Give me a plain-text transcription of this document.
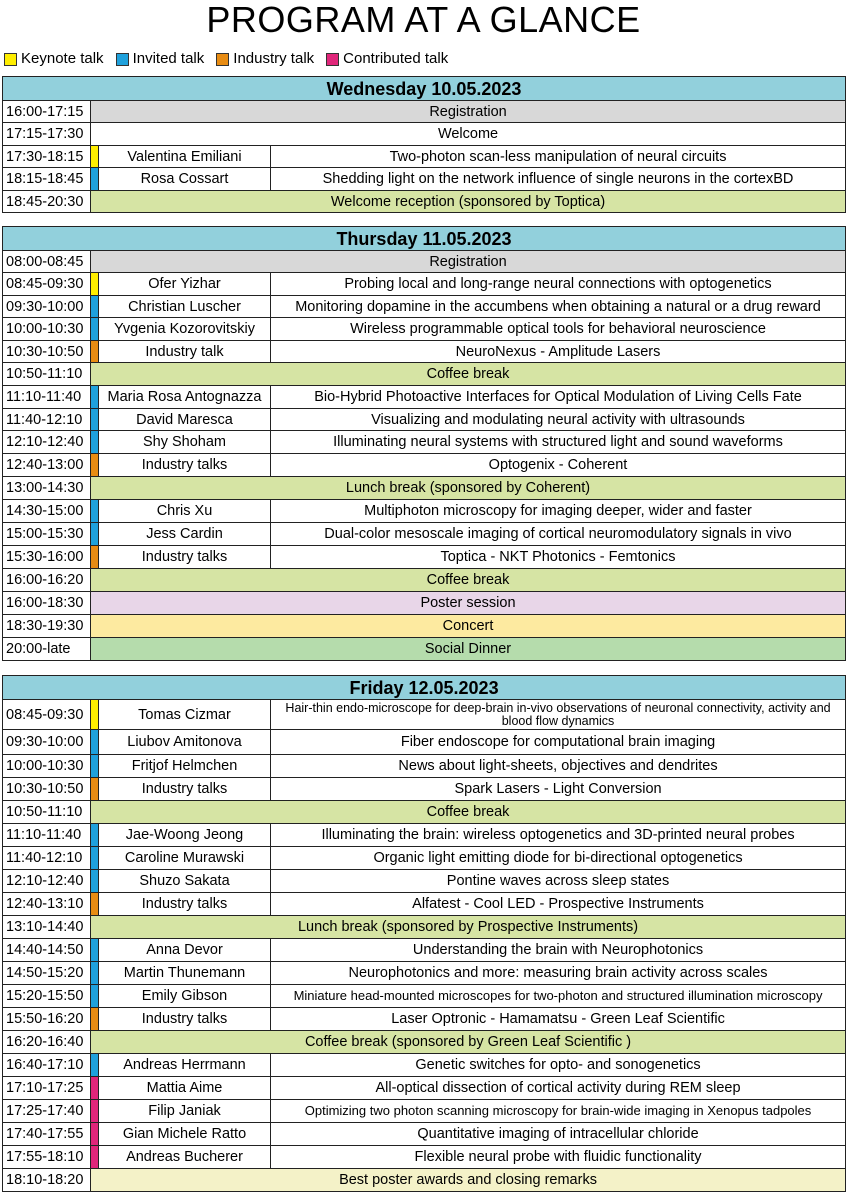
PROGRAM AT A GLANCE
Keynote talk Invited talk Industry talk Contributed talk
Wednesday 10.05.2023			
16:00-17:15	Registration		
17:15-17:30	Welcome		
17:30-18:15		Valentina Emiliani	Two-photon scan-less manipulation of neural circuits
18:15-18:45		Rosa Cossart	Shedding light on the network influence of single neurons in the cortexBD
18:45-20:30	Welcome reception (sponsored by Toptica)		
Thursday 11.05.2023			
08:00-08:45	Registration		
08:45-09:30		Ofer Yizhar	Probing local and long-range neural connections with optogenetics
09:30-10:00		Christian Luscher	Monitoring dopamine in the accumbens when obtaining a natural or a drug reward
10:00-10:30		Yvgenia Kozorovitskiy	Wireless programmable optical tools for behavioral neuroscience
10:30-10:50		Industry talk	NeuroNexus - Amplitude Lasers
10:50-11:10	Coffee break		
11:10-11:40		Maria Rosa Antognazza	Bio-Hybrid Photoactive Interfaces for Optical Modulation of Living Cells Fate
11:40-12:10		David Maresca	Visualizing and modulating neural activity with ultrasounds
12:10-12:40		Shy Shoham	Illuminating neural systems with structured light and sound waveforms
12:40-13:00		Industry talks	Optogenix - Coherent
13:00-14:30	Lunch break (sponsored by Coherent)		
14:30-15:00		Chris Xu	Multiphoton microscopy for imaging deeper, wider and faster
15:00-15:30		Jess Cardin	Dual-color mesoscale imaging of cortical neuromodulatory signals in vivo
15:30-16:00		Industry talks	Toptica - NKT Photonics - Femtonics
16:00-16:20	Coffee break		
16:00-18:30	Poster session		
18:30-19:30	Concert		
20:00-late	Social Dinner		
Friday 12.05.2023			
08:45-09:30		Tomas Cizmar	Hair-thin endo-microscope for deep-brain in-vivo observations of neuronal connectivity, activity and blood flow dynamics
09:30-10:00		Liubov Amitonova	Fiber endoscope for computational brain imaging
10:00-10:30		Fritjof Helmchen	News about light-sheets, objectives and dendrites
10:30-10:50		Industry talks	Spark Lasers - Light Conversion
10:50-11:10	Coffee break		
11:10-11:40		Jae-Woong Jeong	Illuminating the brain: wireless optogenetics and 3D-printed neural probes
11:40-12:10		Caroline Murawski	Organic light emitting diode for bi-directional optogenetics
12:10-12:40		Shuzo Sakata	Pontine waves across sleep states
12:40-13:10		Industry talks	Alfatest - Cool LED - Prospective Instruments
13:10-14:40	Lunch break (sponsored by Prospective Instruments)		
14:40-14:50		Anna Devor	Understanding the brain with Neurophotonics
14:50-15:20		Martin Thunemann	Neurophotonics and more: measuring brain activity across scales
15:20-15:50		Emily Gibson	Miniature head-mounted microscopes for two-photon and structured illumination microscopy
15:50-16:20		Industry talks	Laser Optronic - Hamamatsu - Green Leaf Scientific
16:20-16:40	Coffee break (sponsored by Green Leaf Scientific )		
16:40-17:10		Andreas Herrmann	Genetic switches for opto- and sonogenetics
17:10-17:25		Mattia Aime	All-optical dissection of cortical activity during REM sleep
17:25-17:40		Filip Janiak	Optimizing two photon scanning microscopy for brain-wide imaging in Xenopus tadpoles
17:40-17:55		Gian Michele Ratto	Quantitative imaging of intracellular chloride
17:55-18:10		Andreas Bucherer	Flexible neural probe with fluidic functionality
18:10-18:20	Best poster awards and closing remarks		
